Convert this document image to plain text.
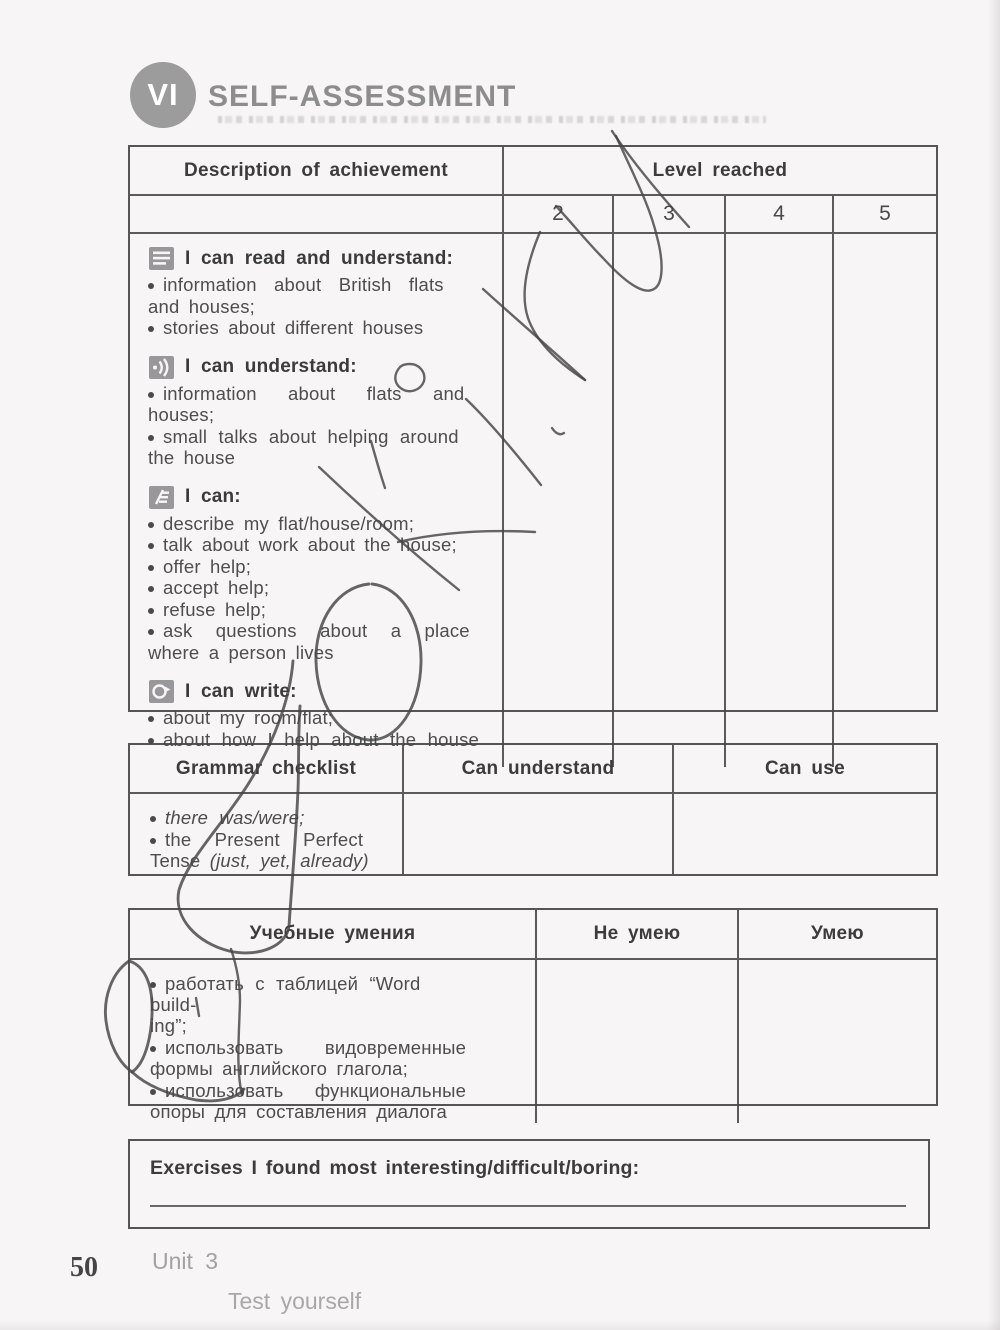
VI SELF-ASSESSMENT
Description of achievement	Level reached
2	3	4	5
I can read and understand:
information about British flats
and houses;
stories about different houses
I can understand:
information about flats and
houses;
small talks about helping around
the house
I can:
describe my flat/house/room;
talk about work about the house;
offer help;
accept help;
refuse help;
ask questions about a place
where a person lives
I can write:
about my room/flat;
about how I help about the house
Grammar checklist	Can understand	Can use
there was/were;
the Present Perfect
Tense (just, yet, already)
Учебные умения	Не умею	Умею
работать с таблицей “Word build-
ing”;
использовать видовременные
формы английского глагола;
использовать функциональные
опоры для составления диалога
Exercises I found most interesting/difficult/boring:
50 Unit 3
Test yourself
